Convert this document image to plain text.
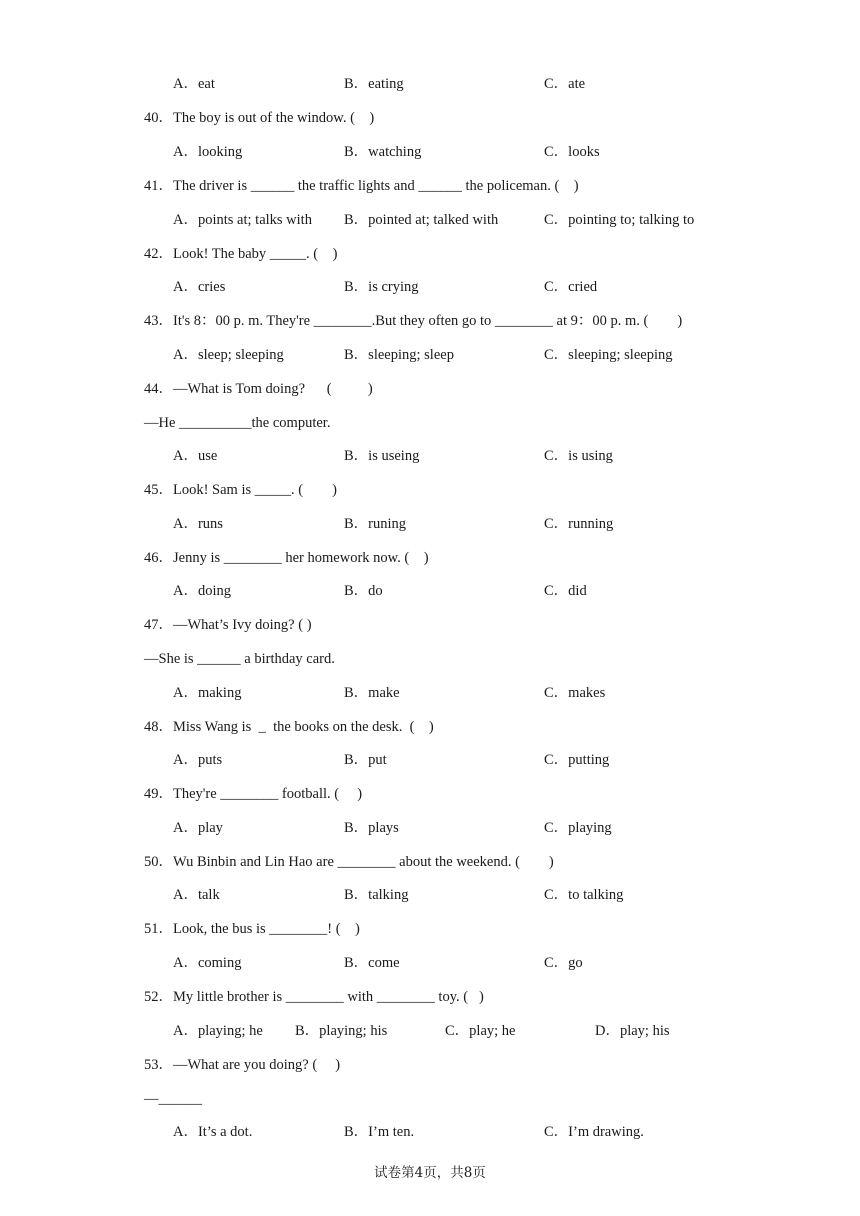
A．eat	B．eating	C．ate
40．The boy is out of the window. (    )
A．looking	B．watching	C．looks
41．The driver is ______ the traffic lights and ______ the policeman. (    )
A．points at; talks with B．pointed at; talked with	C．pointing to; talking to
42．Look! The baby _____. (    )
A．cries	B．is crying	C．cried
43．It's 8：00 p. m. They're ________.But they often go to ________ at 9：00 p. m. (        )
A．sleep; sleeping	B．sleeping; sleep	C．sleeping; sleeping
44．—What is Tom doing?      (          )
—He __________the computer.
A．use	B．is useing	C．is using
45．Look! Sam is _____. (        )
A．runs	B．runing	C．running
46．Jenny is ________ her homework now. (    )
A．doing	B．do	C．did
47．—What’s Ivy doing? ( )
—She is ______ a birthday card.
A．making	B．make	C．makes
48．Miss Wang is  _  the books on the desk.  (    )
A．puts	B．put	C．putting
49．They're ________ football. (     )
A．play	B．plays	C．playing
50．Wu Binbin and Lin Hao are ________ about the weekend. (        )
A．talk	B．talking	C．to talking
51．Look, the bus is ________! (    )
A．coming	B．come	C．go
52．My little brother is ________ with ________ toy. (   )
A．playing; he B．playing; his	C．play; he	D．play; his
53．—What are you doing? (     )
—______
A．It’s a dot.	B．I’m ten.	C．I’m drawing.
试卷第4页，共8页
